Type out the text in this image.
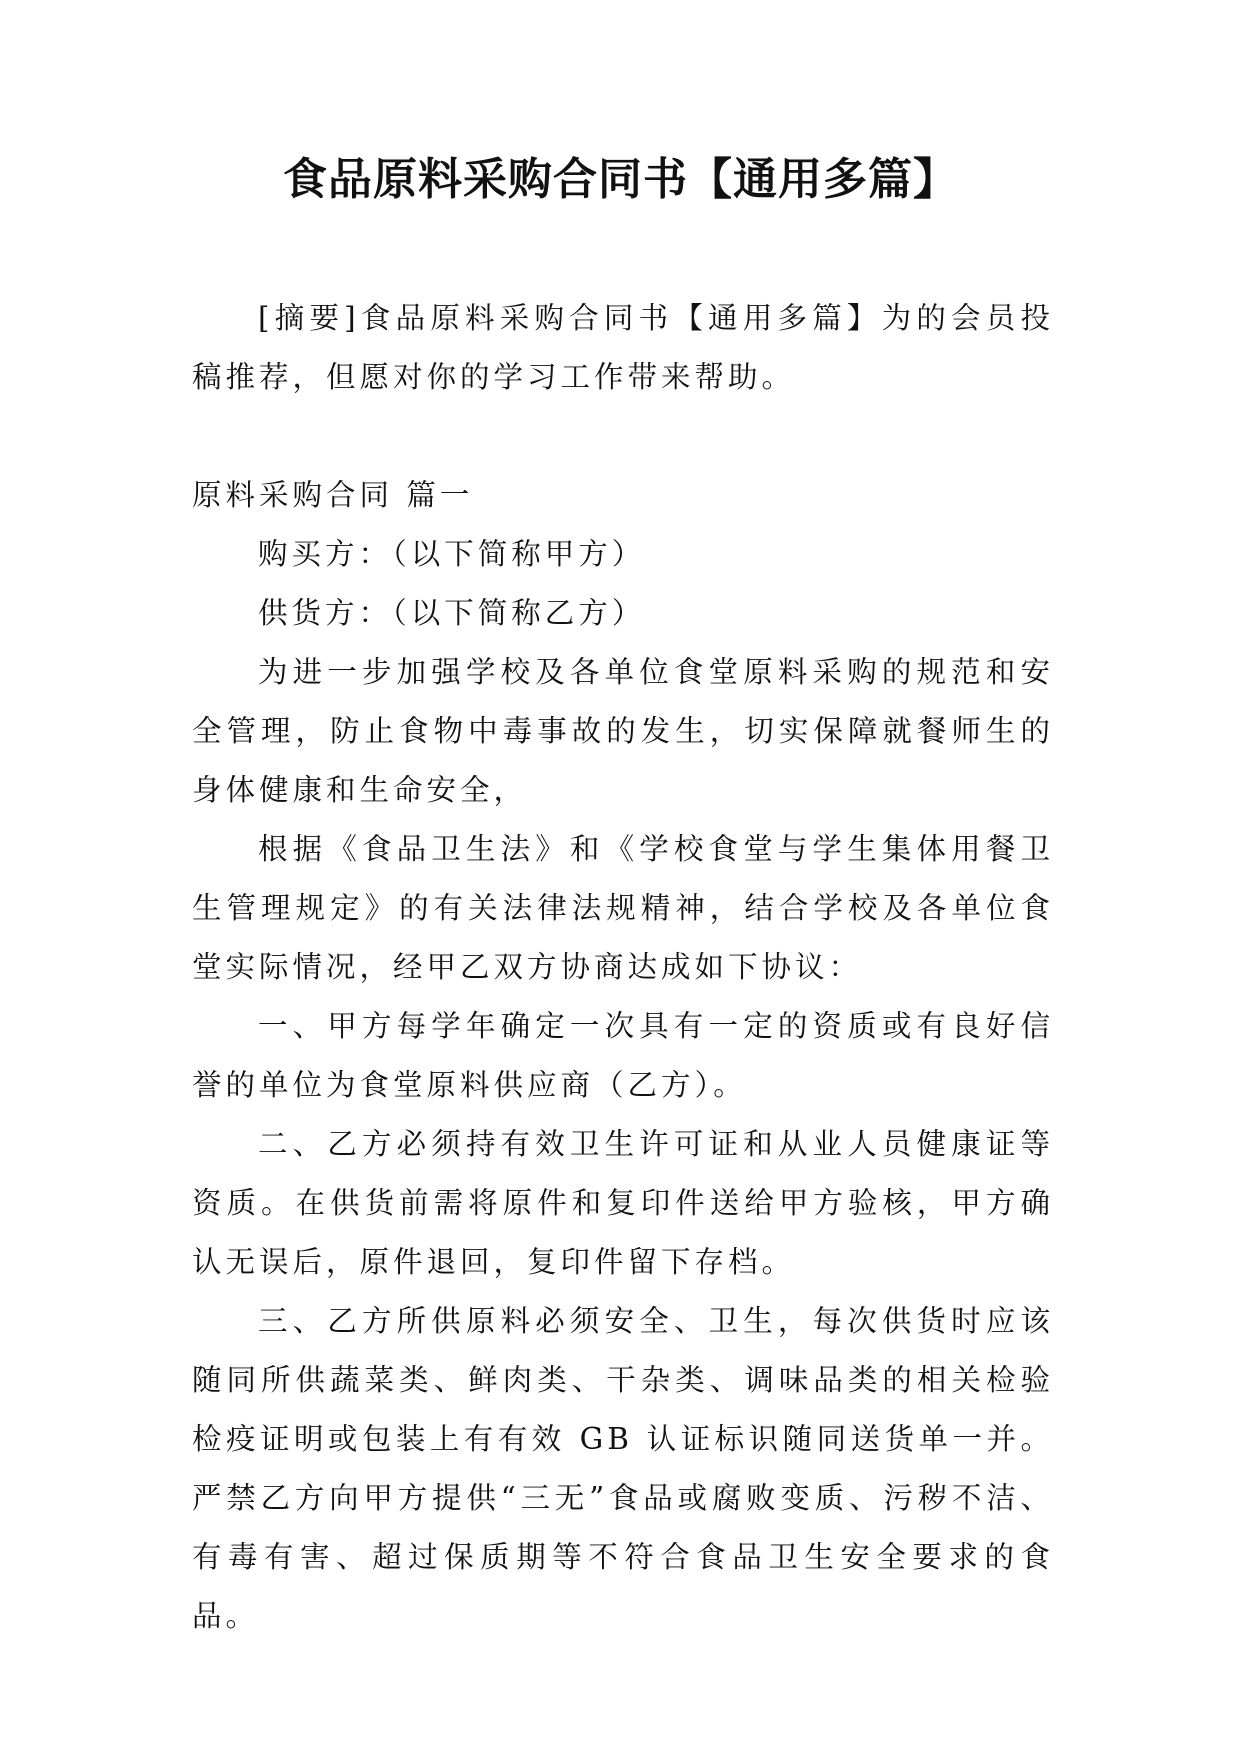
食品原料采购合同书【通用多篇】

[摘要]食品原料采购合同书【通用多篇】为的会员投稿推荐，但愿对你的学习工作带来帮助。

原料采购合同 篇一

购买方：（以下简称甲方）

供货方：（以下简称乙方）

为进一步加强学校及各单位食堂原料采购的规范和安全管理，防止食物中毒事故的发生，切实保障就餐师生的身体健康和生命安全，

根据《食品卫生法》和《学校食堂与学生集体用餐卫生管理规定》的有关法律法规精神，结合学校及各单位食堂实际情况，经甲乙双方协商达成如下协议：

一、甲方每学年确定一次具有一定的资质或有良好信誉的单位为食堂原料供应商（乙方）。

二、乙方必须持有效卫生许可证和从业人员健康证等资质。在供货前需将原件和复印件送给甲方验核，甲方确认无误后，原件退回，复印件留下存档。

三、乙方所供原料必须安全、卫生，每次供货时应该随同所供蔬菜类、鲜肉类、干杂类、调味品类的相关检验检疫证明或包装上有有效 GB 认证标识随同送货单一并。严禁乙方向甲方提供“三无”食品或腐败变质、污秽不洁、有毒有害、超过保质期等不符合食品卫生安全要求的食品。
